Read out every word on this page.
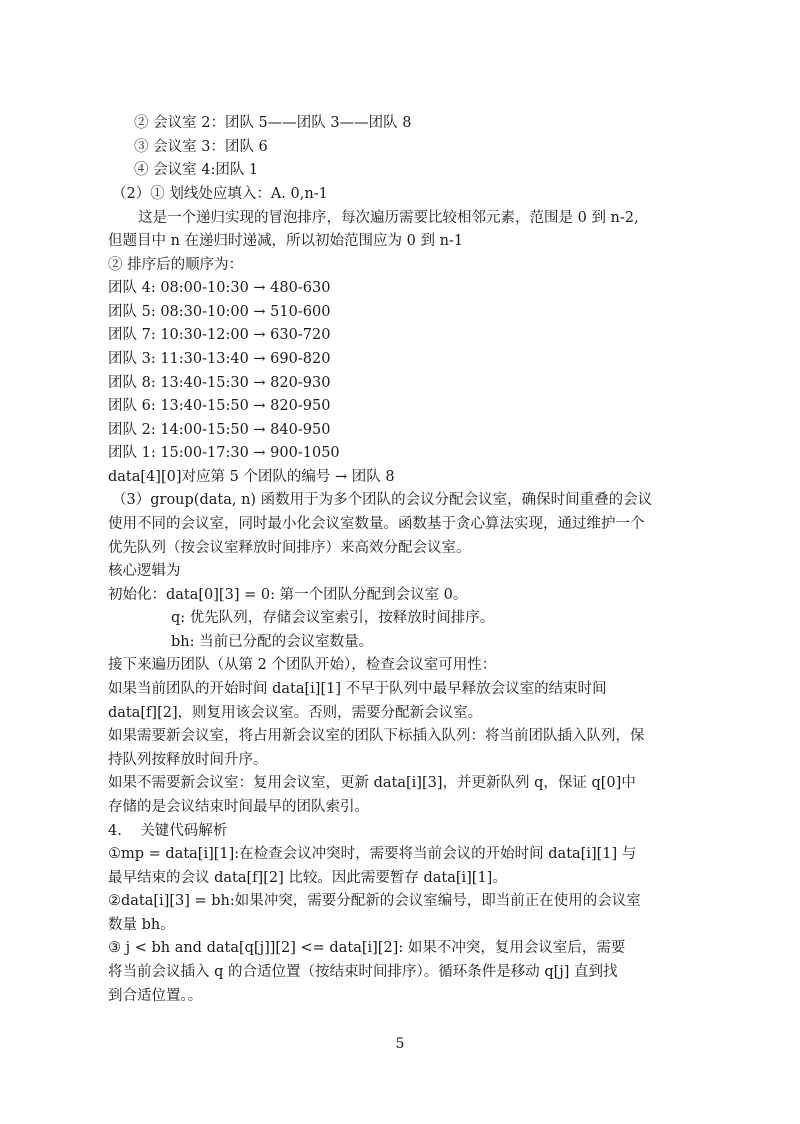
② 会议室 2：团队 5——团队 3——团队 8
③ 会议室 3：团队 6
④ 会议室 4:团队 1
（2）① 划线处应填入：A. 0,n-1
这是一个递归实现的冒泡排序，每次遍历需要比较相邻元素，范围是 0 到 n-2,
但题目中 n 在递归时递减，所以初始范围应为 0 到 n-1
② 排序后的顺序为：
团队 4: 08:00-10:30 → 480-630
团队 5: 08:30-10:00 → 510-600
团队 7: 10:30-12:00 → 630-720
团队 3: 11:30-13:40 → 690-820
团队 8: 13:40-15:30 → 820-930
团队 6: 13:40-15:50 → 820-950
团队 2: 14:00-15:50 → 840-950
团队 1: 15:00-17:30 → 900-1050
data[4][0]对应第 5 个团队的编号 → 团队 8
（3）group(data, n) 函数用于为多个团队的会议分配会议室，确保时间重叠的会议
使用不同的会议室，同时最小化会议室数量。函数基于贪心算法实现，通过维护一个
优先队列（按会议室释放时间排序）来高效分配会议室。
核心逻辑为
初始化：data[0][3] = 0: 第一个团队分配到会议室 0。
q: 优先队列，存储会议室索引，按释放时间排序。
bh: 当前已分配的会议室数量。
接下来遍历团队（从第 2 个团队开始），检查会议室可用性：
如果当前团队的开始时间 data[i][1] 不早于队列中最早释放会议室的结束时间
data[f][2]，则复用该会议室。否则，需要分配新会议室。
如果需要新会议室，将占用新会议室的团队下标插入队列：将当前团队插入队列，保
持队列按释放时间升序。
如果不需要新会议室：复用会议室，更新 data[i][3]，并更新队列 q，保证 q[0]中
存储的是会议结束时间最早的团队索引。
4.    关键代码解析
①mp = data[i][1]:在检查会议冲突时，需要将当前会议的开始时间 data[i][1] 与
最早结束的会议 data[f][2] 比较。因此需要暂存 data[i][1]。
②data[i][3] = bh:如果冲突，需要分配新的会议室编号，即当前正在使用的会议室
数量 bh。
③ j < bh and data[q[j]][2] <= data[i][2]: 如果不冲突，复用会议室后，需要
将当前会议插入 q 的合适位置（按结束时间排序）。循环条件是移动 q[j] 直到找
到合适位置。。
5
